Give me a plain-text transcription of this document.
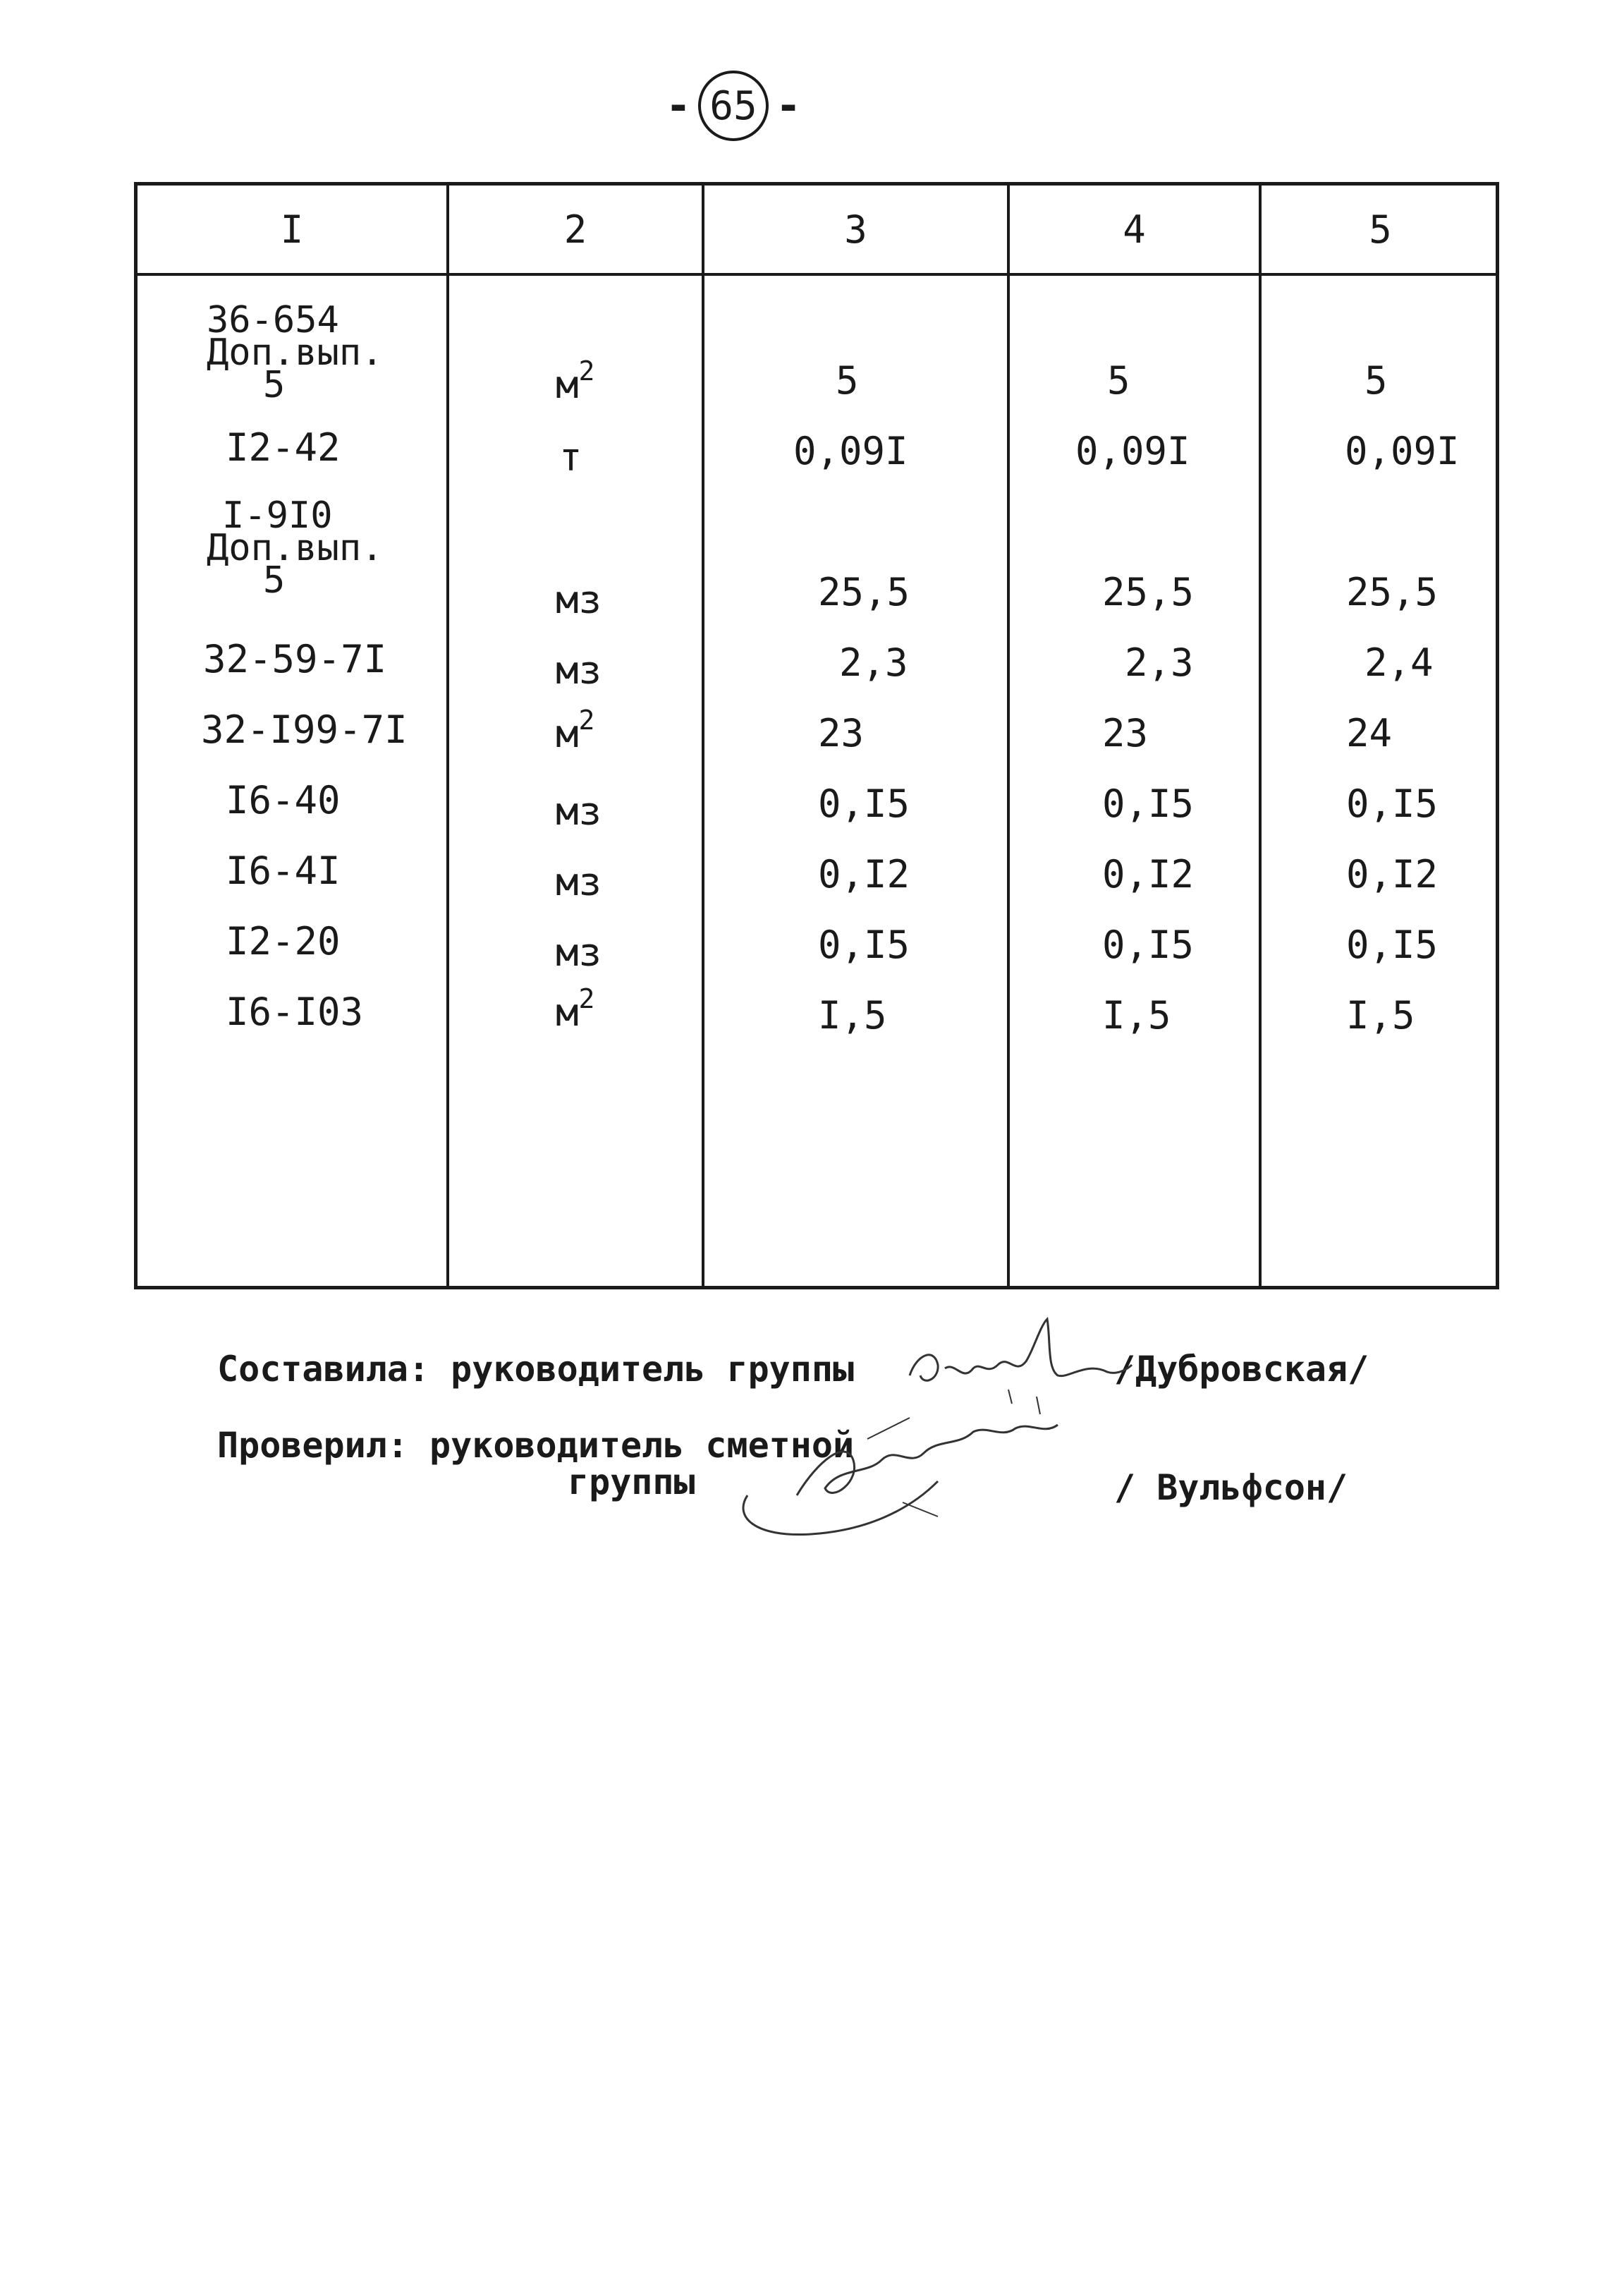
- 65 -
I	2	3	4	5
36-654
Доп.вып.
5	$м^2$	5	5	5
I2-42	т	0,09I	0,09I	0,09I
I-9I0
Доп.вып.
5	мз	25,5	25,5	25,5
32-59-7I	мз	2,3	2,3	2,4
32-I99-7I	$м^2$	23	23	24
I6-40	мз	0,I5	0,I5	0,I5
I6-4I	мз	0,I2	0,I2	0,I2
I2-20	мз	0,I5	0,I5	0,I5
I6-I03	$м^2$	I,5	I,5	I,5
Составила: руководитель группы	/Дубровская/
Проверил: руководитель сметной
группы	/ Вульфсон/
